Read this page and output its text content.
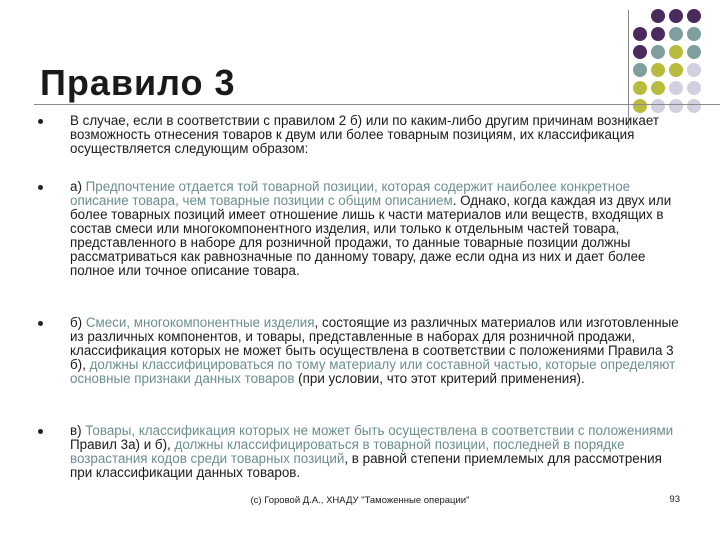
Правило 3
В случае, если в соответствии с правилом 2 б) или по каким-либо другим причинам возникает возможность отнесения товаров к двум или более товарным позициям, их классификация осуществляется следующим образом:
а) Предпочтение отдается той товарной позиции, которая содержит наиболее конкретное описание товара, чем товарные позиции с общим описанием. Однако, когда каждая из двух или более товарных позиций имеет отношение лишь к части материалов или веществ, входящих в состав смеси или многокомпонентного изделия, или только к отдельным частей товара, представленного в наборе для розничной продажи, то данные товарные позиции должны рассматриваться как равнозначные по данному товару, даже если одна из них и дает более полное или точное описание товара.
б) Смеси, многокомпонентные изделия, состоящие из различных материалов или изготовленные из различных компонентов, и товары, представленные в наборах для розничной продажи, классификация которых не может быть осуществлена в соответствии с положениями Правила 3 б), должны классифицироваться по тому материалу или составной частью, которые определяют основные признаки данных товаров (при условии, что этот критерий применения).
в) Товары, классификация которых не может быть осуществлена в соответствии с положениями Правил 3а) и б), должны классифицироваться в товарной позиции, последней в порядке возрастания кодов среди товарных позиций, в равной степени приемлемых для рассмотрения при классификации данных товаров.
(с) Горовой Д.А., ХНАДУ "Таможенные операции"	93
